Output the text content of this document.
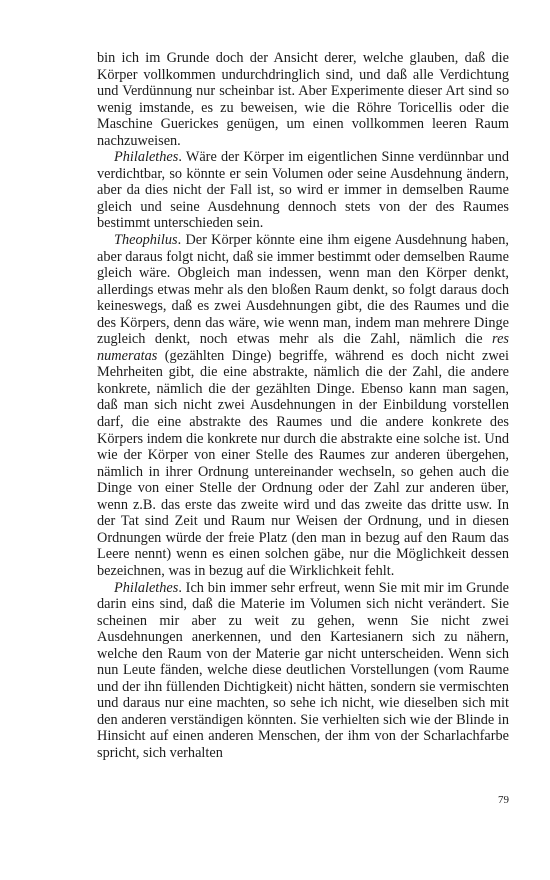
bin ich im Grunde doch der Ansicht derer, welche glauben, daß die Körper vollkommen undurchdringlich sind, und daß alle Verdichtung und Verdünnung nur scheinbar ist. Aber Experimente dieser Art sind so wenig imstande, es zu beweisen, wie die Röhre Toricellis oder die Maschine Guerickes genügen, um einen vollkommen leeren Raum nachzuweisen.

Philalethes. Wäre der Körper im eigentlichen Sinne verdünnbar und verdichtbar, so könnte er sein Volumen oder seine Ausdehnung ändern, aber da dies nicht der Fall ist, so wird er immer in demselben Raume gleich und seine Ausdehnung dennoch stets von der des Raumes bestimmt unterschieden sein.

Theophilus. Der Körper könnte eine ihm eigene Ausdehnung haben, aber daraus folgt nicht, daß sie immer bestimmt oder demselben Raume gleich wäre. Obgleich man indessen, wenn man den Körper denkt, allerdings etwas mehr als den bloßen Raum denkt, so folgt daraus doch keineswegs, daß es zwei Ausdehnungen gibt, die des Raumes und die des Körpers, denn das wäre, wie wenn man, indem man mehrere Dinge zugleich denkt, noch etwas mehr als die Zahl, nämlich die res numeratas (gezählten Dinge) begriffe, während es doch nicht zwei Mehrheiten gibt, die eine abstrakte, nämlich die der Zahl, die andere konkrete, nämlich die der gezählten Dinge. Ebenso kann man sagen, daß man sich nicht zwei Ausdehnungen in der Einbildung vorstellen darf, die eine abstrakte des Raumes und die andere konkrete des Körpers indem die konkrete nur durch die abstrakte eine solche ist. Und wie der Körper von einer Stelle des Raumes zur anderen übergehen, nämlich in ihrer Ordnung untereinander wechseln, so gehen auch die Dinge von einer Stelle der Ordnung oder der Zahl zur anderen über, wenn z.B. das erste das zweite wird und das zweite das dritte usw. In der Tat sind Zeit und Raum nur Weisen der Ordnung, und in diesen Ordnungen würde der freie Platz (den man in bezug auf den Raum das Leere nennt) wenn es einen solchen gäbe, nur die Möglichkeit dessen bezeichnen, was in bezug auf die Wirklichkeit fehlt.

Philalethes. Ich bin immer sehr erfreut, wenn Sie mit mir im Grunde darin eins sind, daß die Materie im Volumen sich nicht verändert. Sie scheinen mir aber zu weit zu gehen, wenn Sie nicht zwei Ausdehnungen anerkennen, und den Kartesianern sich zu nähern, welche den Raum von der Materie gar nicht unterscheiden. Wenn sich nun Leute fänden, welche diese deutlichen Vorstellungen (vom Raume und der ihn füllenden Dichtigkeit) nicht hätten, sondern sie vermischten und daraus nur eine machten, so sehe ich nicht, wie dieselben sich mit den anderen verständigen könnten. Sie verhielten sich wie der Blinde in Hinsicht auf einen anderen Menschen, der ihm von der Scharlachfarbe spricht, sich verhalten

79
